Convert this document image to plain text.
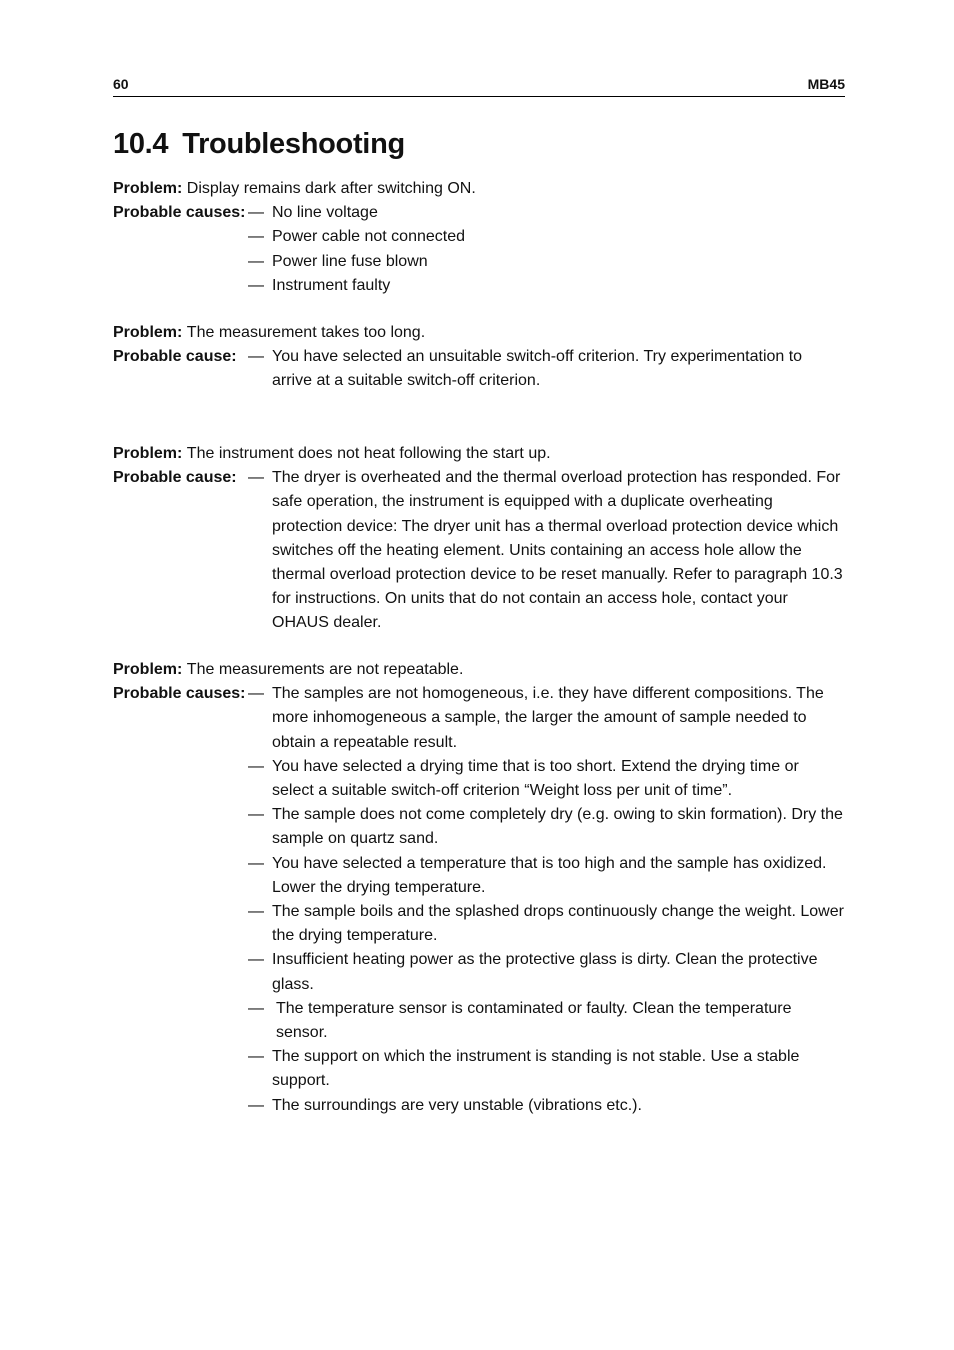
60	MB45
10.4 Troubleshooting
Problem:
Display remains dark after switching ON.
Probable causes: — No line voltage
— Power cable not connected
— Power line fuse blown
— Instrument faulty
Problem:
The measurement takes too long.
Probable cause: — You have selected an unsuitable switch-off criterion. Try experimentation to arrive at a suitable switch-off criterion.
Problem:
The instrument does not heat following the start up.
Probable cause: — The dryer is overheated and the thermal overload protection has responded. For safe operation, the instrument is equipped with a duplicate overheating protection device: The dryer unit has a thermal overload protection device which switches off the heating element. Units containing an access hole allow the thermal overload protection device to be reset manually. Refer to paragraph 10.3 for instructions. On units that do not contain an access hole, contact your OHAUS dealer.
Problem:
The measurements are not repeatable.
Probable causes: — The samples are not homogeneous, i.e. they have different compositions. The more inhomogeneous a sample, the larger the amount of sample needed to obtain a repeatable result.
— You have selected a drying time that is too short. Extend the drying time or select a suitable switch-off criterion “Weight loss per unit of time”.
— The sample does not come completely dry (e.g. owing to skin formation). Dry the sample on quartz sand.
— You have selected a temperature that is too high and the sample has oxidized. Lower the drying temperature.
— The sample boils and the splashed drops continuously change the weight. Lower the drying temperature.
— Insufficient heating power as the protective glass is dirty. Clean the protective glass.
— The temperature sensor is contaminated or faulty. Clean the temperature sensor.
— The support on which the instrument is standing is not stable. Use a stable support.
— The surroundings are very unstable (vibrations etc.).
